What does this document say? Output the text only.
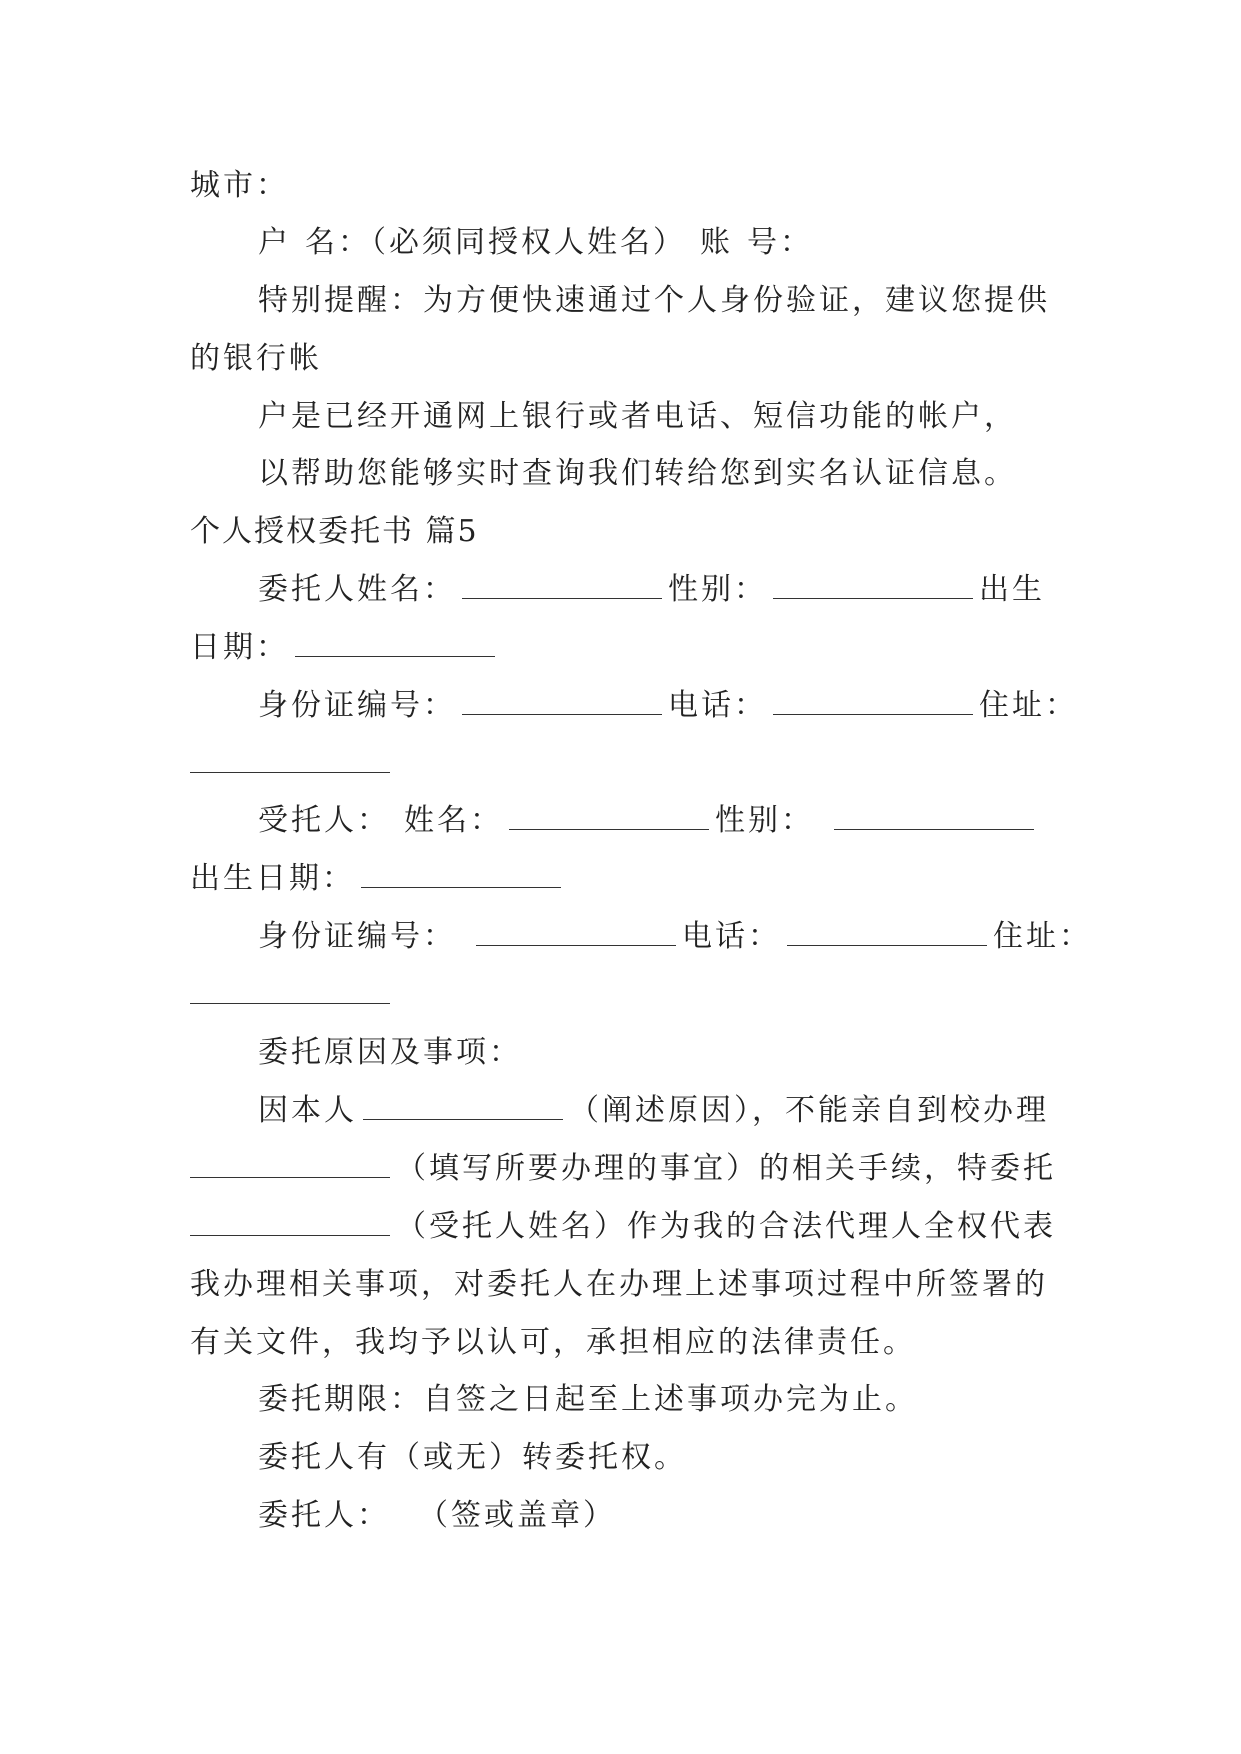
城市：
户 名：（必须同授权人姓名） 账 号：
特别提醒：为方便快速通过个人身份验证，建议您提供
的银行帐
户是已经开通网上银行或者电话、短信功能的帐户，
以帮助您能够实时查询我们转给您到实名认证信息。
个人授权委托书 篇5
委托人姓名：	性别：	出生
日期：
身份证编号：	电话：	住址：
受托人： 姓名：	性别：
出生日期：
身份证编号：	电话：	住址：
委托原因及事项：
因本人	（阐述原因），不能亲自到校办理
（填写所要办理的事宜）的相关手续，特委托
（受托人姓名）作为我的合法代理人全权代表
我办理相关事项，对委托人在办理上述事项过程中所签署的
有关文件，我均予以认可，承担相应的法律责任。
委托期限：自签之日起至上述事项办完为止。
委托人有（或无）转委托权。
委托人： （签或盖章）
